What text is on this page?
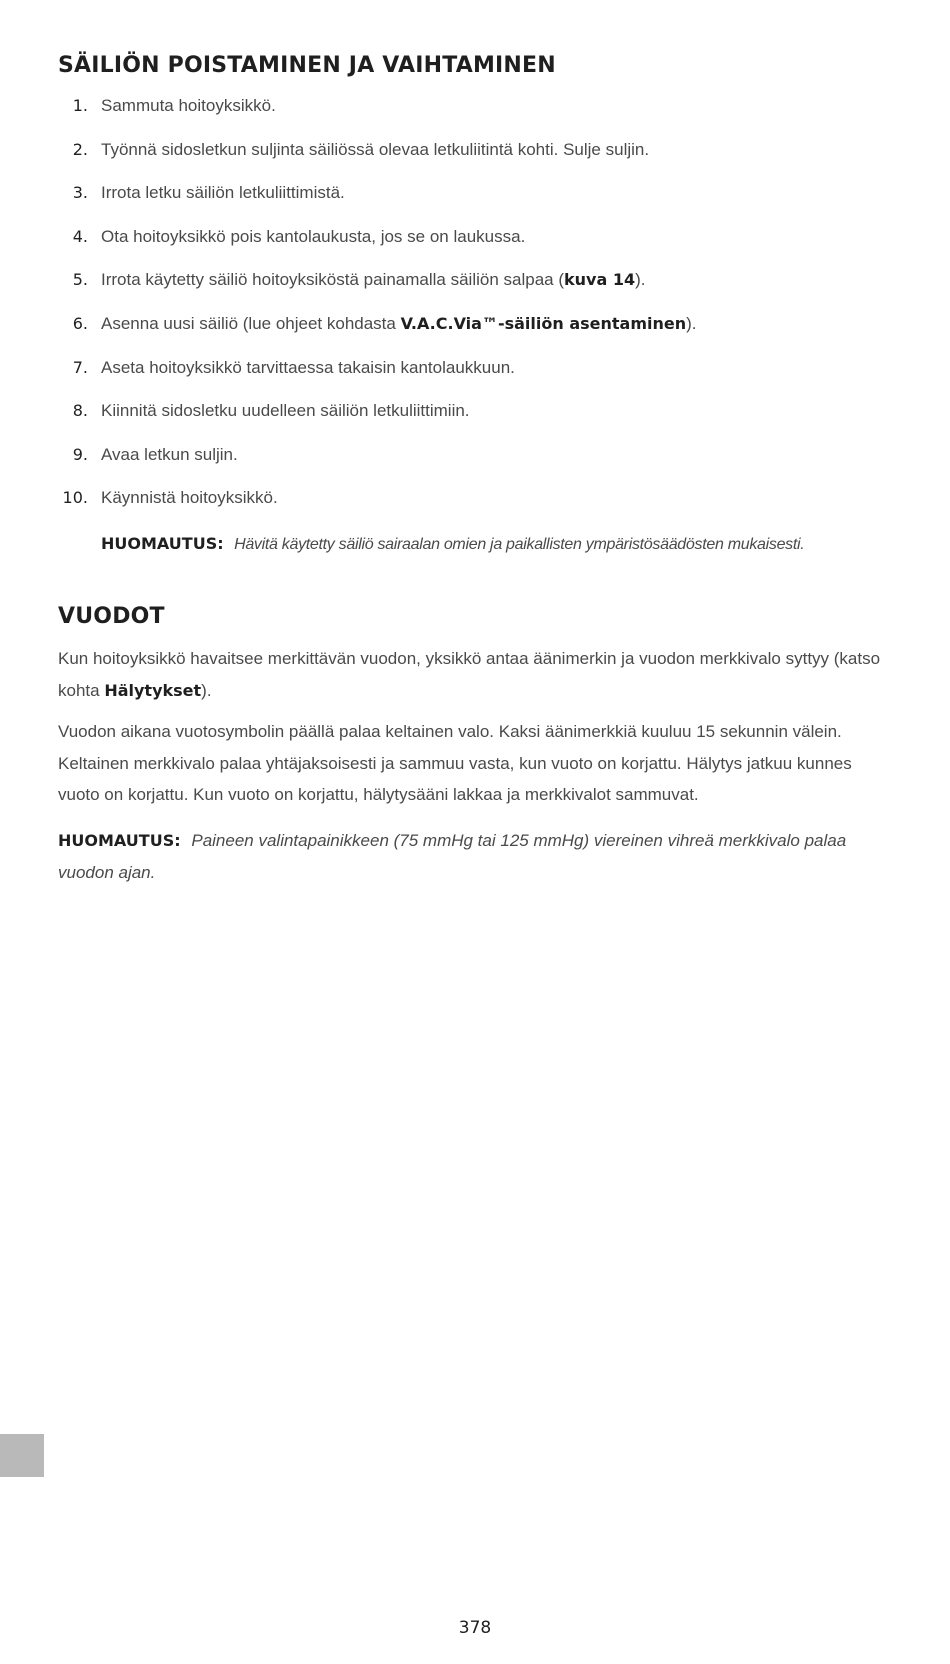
SÄILIÖN POISTAMINEN JA VAIHTAMINEN
1. Sammuta hoitoyksikkö.
2. Työnnä sidosletkun suljinta säiliössä olevaa letkuliitintä kohti. Sulje suljin.
3. Irrota letku säiliön letkuliittimistä.
4. Ota hoitoyksikkö pois kantolaukusta, jos se on laukussa.
5. Irrota käytetty säiliö hoitoyksiköstä painamalla säiliön salpaa (kuva 14).
6. Asenna uusi säiliö (lue ohjeet kohdasta V.A.C.Via™-säiliön asentaminen).
7. Aseta hoitoyksikkö tarvittaessa takaisin kantolaukkuun.
8. Kiinnitä sidosletku uudelleen säiliön letkuliittimiin.
9. Avaa letkun suljin.
10. Käynnistä hoitoyksikkö.
HUOMAUTUS: Hävitä käytetty säiliö sairaalan omien ja paikallisten ympäristösäädösten mukaisesti.
VUODOT

Kun hoitoyksikkö havaitsee merkittävän vuodon, yksikkö antaa äänimerkin ja vuodon merkkivalo syttyy (katso kohta Hälytykset).

Vuodon aikana vuotosymbolin päällä palaa keltainen valo. Kaksi äänimerkkiä kuuluu 15 sekunnin välein. Keltainen merkkivalo palaa yhtäjaksoisesti ja sammuu vasta, kun vuoto on korjattu. Hälytys jatkuu kunnes vuoto on korjattu. Kun vuoto on korjattu, hälytysääni lakkaa ja merkkivalot sammuvat.

HUOMAUTUS: Paineen valintapainikkeen (75 mmHg tai 125 mmHg) viereinen vihreä merkkivalo palaa vuodon ajan.
378
